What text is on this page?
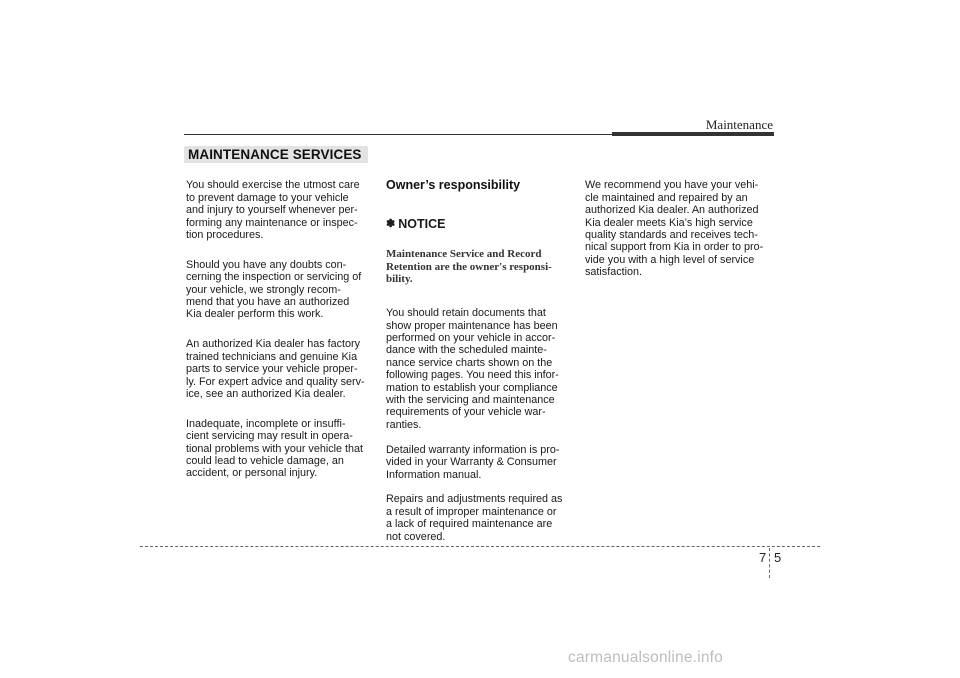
Maintenance
MAINTENANCE SERVICES

You should exercise the utmost care
to prevent damage to your vehicle
and injury to yourself whenever per-
forming any maintenance or inspec-
tion procedures.

Should you have any doubts con-
cerning the inspection or servicing of
your vehicle, we strongly recom-
mend that you have an authorized
Kia dealer perform this work.

An authorized Kia dealer has factory
trained technicians and genuine Kia
parts to service your vehicle proper-
ly. For expert advice and quality serv-
ice, see an authorized Kia dealer.

Inadequate, incomplete or insuffi-
cient servicing may result in opera-
tional problems with your vehicle that
could lead to vehicle damage, an
accident, or personal injury.

Owner’s responsibility

✽ NOTICE

Maintenance Service and Record
Retention are the owner's responsi-
bility.

You should retain documents that
show proper maintenance has been
performed on your vehicle in accor-
dance with the scheduled mainte-
nance service charts shown on the
following pages. You need this infor-
mation to establish your compliance
with the servicing and maintenance
requirements of your vehicle war-
ranties.

Detailed warranty information is pro-
vided in your Warranty & Consumer
Information manual.

Repairs and adjustments required as
a result of improper maintenance or
a lack of required maintenance are
not covered.

We recommend you have your vehi-
cle maintained and repaired by an
authorized Kia dealer. An authorized
Kia dealer meets Kia’s high service
quality standards and receives tech-
nical support from Kia in order to pro-
vide you with a high level of service
satisfaction.

7 5
carmanualsonline.info
